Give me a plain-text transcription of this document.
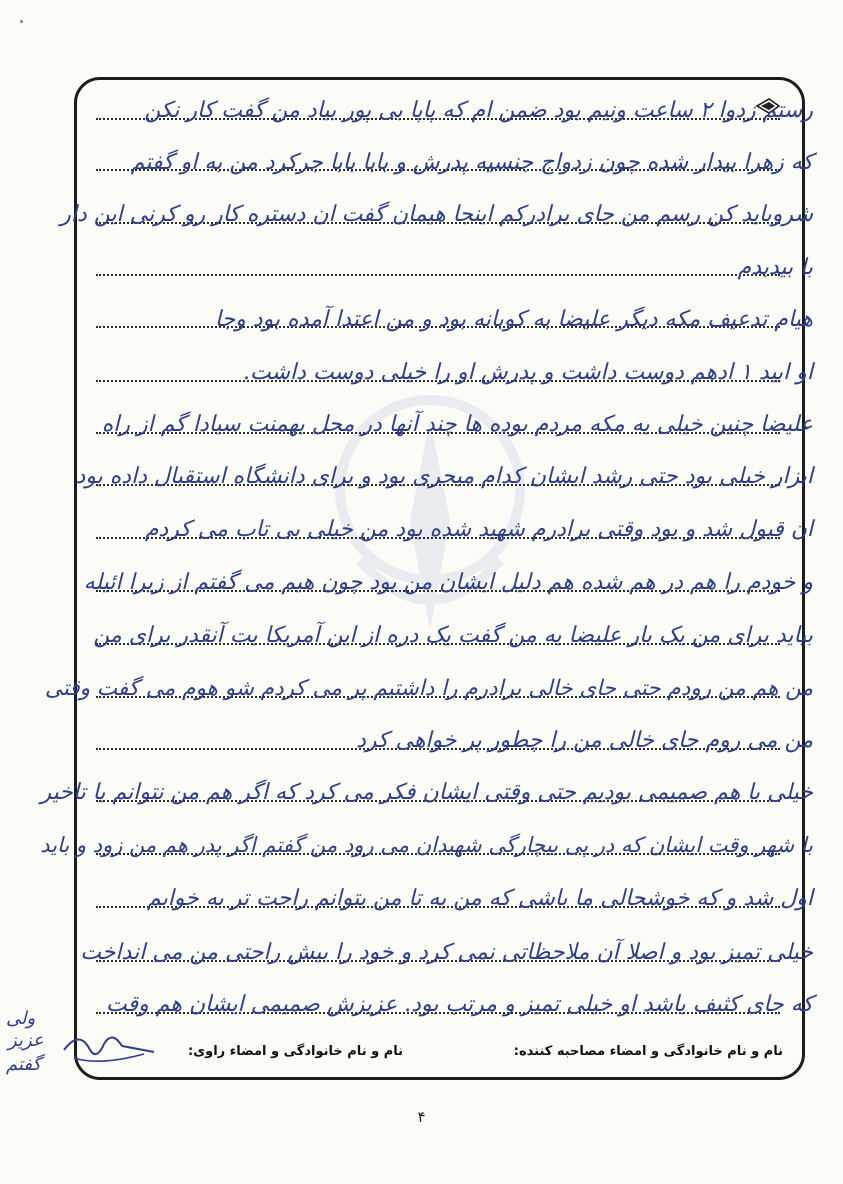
رستم زدوا ۲ ساعت ونیم بود ضمن ام که پاپا بی پور بیاد من گفت کار نکن
که زهرا بیدار شده چون زدواج جنسیه پدرش و بابا بابا جرکرد من به او گفتم
شروباید کن رسم من جای برادرکم اینجا هیمان گفت ان دستره کار رو کرنی این دار
با بیدبدم
هیام تدعیف مکه دیگر علیضا به کوبانه بود و من اعتدا آمده بود وجا
او ابید ۱ ادهم دوست داشت و پدرش او را خیلی دوست داشت.
علیضا چنین خیلی به مکه مردم بوده ها چند آنها در محل بهمنت سیادا گم از راه
ابزار خیلی بود حتی رشد ایشان کدام مبحری بود و برای دانشگاه استقبال داده بود
ان قبول شد و بود وقتی برادرم شهید شده بود من خیلی بی تاب می کردم
و خودم را هم در هم شده هم دلیل ایشان من بود چون هیم می گفتم از زیرا ائیله
بیاید برای من یک بار علیضا به من گفت یک دره از این آمریکا بت آنقدر برای من
من هم من رودم حتی جای خالی برادرم را داشتیم پر می کردم شو هوم می گفت وقتی
من می روم جای خالی من را چطور پر خواهی کرد
خیلی با هم صمیمی بودیم حتی وقتی ایشان فکر می کرد که اگر هم من نتوانم با تاخیر
با شهر وقت ایشان که در پی بیچارگی شهیدان می رود من گفتم اگر پدر هم من زود و باید
اول شد و که خوشحالی ما باشی که من به تا من بتوانم راحت تر به خوابم
خیلی تمیز بود و اصلا آن ملاحظاتی نمی کرد و خود را بیش راحتی من می انداخت
که جای کثیف باشد او خیلی تمیز و مرتب بود. عزیزش صمیمی ایشان هم وقت
ولی
عزیز
گفتم
نام و نام خانوادگی و امضاء مصاحبه کننده:
نام و نام خانوادگی و امضاء راوی:
۴
